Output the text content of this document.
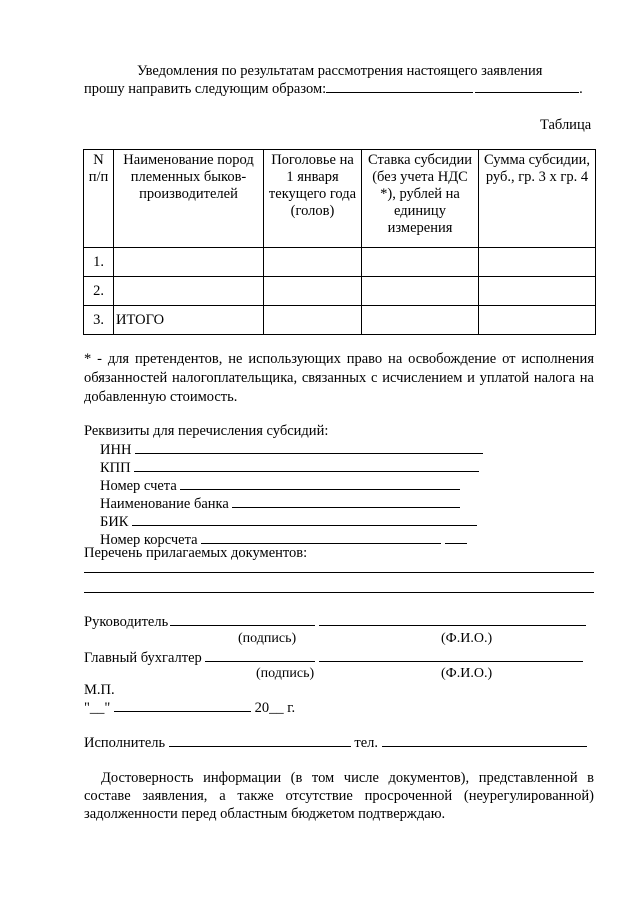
Уведомления по результатам рассмотрения настоящего заявления
прошу направить следующим образом:	.
Таблица
N п/п	Наименование пород племенных быков-производителей	Поголовье на 1 января текущего года (голов)	Ставка субсидии (без учета НДС *), рублей на единицу измерения	Сумма субсидии, руб., гр. 3 x гр. 4
1.				
2.				
3.	ИТОГО			
* - для претендентов, не использующих право на освобождение от исполнения обязанностей налогоплательщика, связанных с исчислением и уплатой налога на добавленную стоимость.
Реквизиты для перечисления субсидий:
ИНН
КПП
Номер счета
Наименование банка
БИК
Номер корсчета
Перечень прилагаемых документов:
Руководитель
(подпись)	(Ф.И.О.)
Главный бухгалтер
(подпись)	(Ф.И.О.)
М.П.
"__"	20__ г.
Исполнитель	тел.
Достоверность информации (в том числе документов), представленной в составе заявления, а также отсутствие просроченной (неурегулированной) задолженности перед областным бюджетом подтверждаю.
